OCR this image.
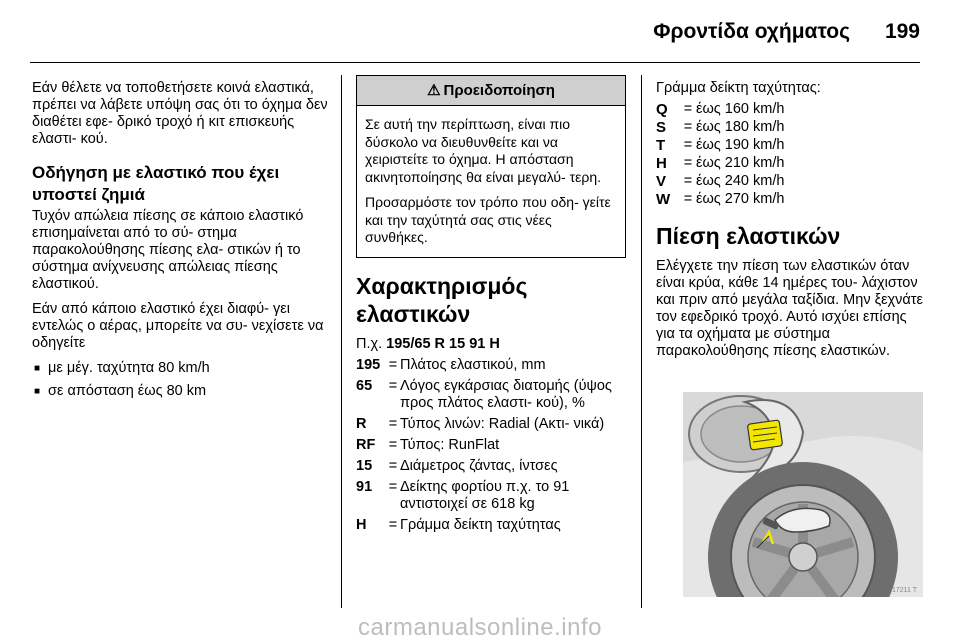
Φροντίδα οχήματος 199
Εάν θέλετε να τοποθετήσετε κοινά ελαστικά, πρέπει να λάβετε υπόψη σας ότι το όχημα δεν διαθέτει εφε- δρικό τροχό ή κιτ επισκευής ελαστι- κού.
Οδήγηση με ελαστικό που έχει υποστεί ζημιά
Τυχόν απώλεια πίεσης σε κάποιο ελαστικό επισημαίνεται από το σύ- στημα παρακολούθησης πίεσης ελα- στικών ή το σύστημα ανίχνευσης απώλειας πίεσης ελαστικού.
Εάν από κάποιο ελαστικό έχει διαφύ- γει εντελώς ο αέρας, μπορείτε να συ- νεχίσετε να οδηγείτε
■ με μέγ. ταχύτητα 80 km/h
■ σε απόσταση έως 80 km
⚠ Προειδοποίηση
Σε αυτή την περίπτωση, είναι πιο δύσκολο να διευθυνθείτε και να χειριστείτε το όχημα. Η απόσταση ακινητοποίησης θα είναι μεγαλύ- τερη.
Προσαρμόστε τον τρόπο που οδη- γείτε και την ταχύτητά σας στις νέες συνθήκες.
Χαρακτηρισμός ελαστικών
Π.χ. 195/65 R 15 91 H
195 = Πλάτος ελαστικού, mm
65	= Λόγος εγκάρσιας διατομής (ύψος προς πλάτος ελαστι- κού), %
R	= Τύπος λινών: Radial (Ακτι- νικά)
RF = Τύπος: RunFlat
15	= Διάμετρος ζάντας, ίντσες
91	= Δείκτης φορτίου π.χ. το 91 αντιστοιχεί σε 618 kg
H	= Γράμμα δείκτη ταχύτητας
Γράμμα δείκτη ταχύτητας:
Q	= έως 160 km/h
S	= έως 180 km/h
T	= έως 190 km/h
H	= έως 210 km/h
V	= έως 240 km/h
W = έως 270 km/h
Πίεση ελαστικών
Ελέγχετε την πίεση των ελαστικών όταν είναι κρύα, κάθε 14 ημέρες του- λάχιστον και πριν από μεγάλα ταξίδια. Μην ξεχνάτε τον εφεδρικό τροχό. Αυτό ισχύει επίσης για τα οχήματα με σύστημα παρακολούθησης πίεσης ελαστικών.
17211 T
carmanualsonline.info
